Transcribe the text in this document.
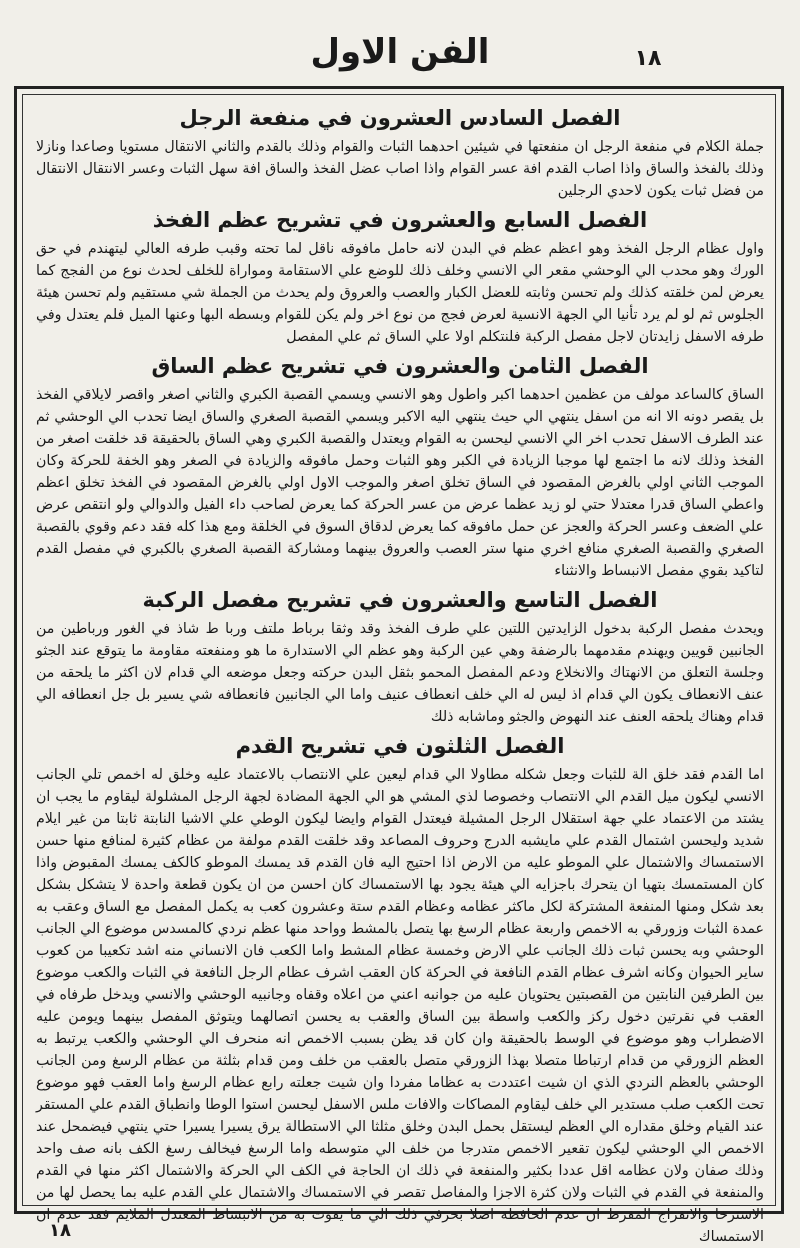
١٨
الفن الاول
الفصل السادس العشرون في منفعة الرجل
جملة الكلام في منفعة الرجل ان منفعتها في شيئين احدهما الثبات والقوام وذلك بالقدم والثاني الانتقال مستويا وصاعدا ونازلا وذلك بالفخذ والساق واذا اصاب القدم افة عسر القوام واذا اصاب عضل الفخذ والساق افة سهل الثبات وعسر الانتقال الانتقال من فضل ثبات يكون لاحدي الرجلين
الفصل السابع والعشرون في تشريح عظم الفخذ
واول عظام الرجل الفخذ وهو اعظم عظم في البدن لانه حامل مافوقه ناقل لما تحته وقبب طرفه العالي ليتهندم في حق الورك وهو محدب الي الوحشي مقعر الي الانسي وخلف ذلك للوضع علي الاستقامة ومواراة للخلف لحدث نوع من الفجج كما يعرض لمن خلقته كذلك ولم تحسن وثابته للعضل الكبار والعصب والعروق ولم يحدث من الجملة شي مستقيم ولم تحسن هيئة الجلوس ثم لو لم يرد تأنيا الي الجهة الانسية لعرض فجج من نوع اخر ولم يكن للقوام وبسطه البها وعنها الميل فلم يعتدل وفي طرفه الاسفل زايدتان لاجل مفصل الركبة فلنتكلم اولا علي الساق ثم علي المفصل
الفصل الثامن والعشرون في تشريح عظم الساق
الساق كالساعد مولف من عظمين احدهما اكبر واطول وهو الانسي ويسمي القصبة الكبري والثاني اصغر واقصر لايلاقي الفخذ بل يقصر دونه الا انه من اسفل ينتهي الي حيث ينتهي اليه الاكبر ويسمي القصبة الصغري والساق ايضا تحدب الي الوحشي ثم عند الطرف الاسفل تحدب اخر الي الانسي ليحسن به القوام ويعتدل والقصبة الكبري وهي الساق بالحقيقة قد خلقت اصغر من الفخذ وذلك لانه ما اجتمع لها موجبا الزيادة في الكبر وهو الثبات وحمل مافوقه والزيادة في الصغر وهو الخفة للحركة وكان الموجب الثاني اولي بالغرض المقصود في الساق تخلق اصغر والموجب الاول اولي بالغرض المقصود في الفخذ تخلق اعظم واعطي الساق قدرا معتدلا حتي لو زيد عظما عرض من عسر الحركة كما يعرض لصاحب داء الفيل والدوالي ولو انتقص عرض علي الضعف وعسر الحركة والعجز عن حمل مافوقه كما يعرض لدقاق السوق في الخلقة ومع هذا كله فقد دعم وقوي بالقصبة الصغري والقصبة الصغري منافع اخري منها ستر العصب والعروق بينهما ومشاركة القصبة الصغري بالكبري في مفصل القدم لتاكيد بقوي مفصل الانبساط والانثناء
الفصل التاسع والعشرون في تشريح مفصل الركبة
ويحدث مفصل الركبة بدخول الزايدتين اللتين علي طرف الفخذ وقد وثقا برباط ملتف وربا ط شاذ في الغور ورباطين من الجانبين قويين ويهندم مقدمهما بالرضفة وهي عين الركبة وهو عظم الي الاستدارة ما هو ومنفعته مقاومة ما يتوقع عند الجثو وجلسة التعلق من الانهتاك والانخلاع ودعم المفصل المحمو بثقل البدن حركته وجعل موضعه الي قدام لان اكثر ما يلحقه من عنف الانعطاف يكون الي قدام اذ ليس له الي خلف انعطاف عنيف واما الي الجانبين فانعطافه شي يسير بل جل انعطافه الي قدام وهناك يلحقه العنف عند النهوض والجثو وماشابه ذلك
الفصل الثلثون في تشريح القدم
اما القدم فقد خلق الة للثبات وجعل شكله مطاولا الي قدام ليعين علي الانتصاب بالاعتماد عليه وخلق له اخمص تلي الجانب الانسي ليكون ميل القدم الي الانتصاب وخصوصا لذي المشي هو الي الجهة المضادة لجهة الرجل المشلولة ليقاوم ما يجب ان يشتد من الاعتماد علي جهة استقلال الرجل المشيلة فيعتدل القوام وايضا ليكون الوطي علي الاشيا النابتة ثابتا من غير ايلام شديد وليحسن اشتمال القدم علي مايشبه الدرج وحروف المصاعد وقد خلقت القدم مولفة من عظام كثيرة لمنافع منها حسن الاستمساك والاشتمال علي الموطو عليه من الارض اذا احتيج اليه فان القدم قد يمسك الموطو كالكف يمسك المقبوض واذا كان المستمسك بتهيا ان يتحرك باجزايه الي هيئة يجود بها الاستمساك كان احسن من ان يكون قطعة واحدة لا يتشكل بشكل بعد شكل ومنها المنفعة المشتركة لكل ماكثر عظامه وعظام القدم ستة وعشرون كعب به يكمل المفصل مع الساق وعقب به عمدة الثبات وزورقي به الاخمص واربعة عظام الرسغ بها يتصل بالمشط وواحد منها عظم نردي كالمسدس موضوع الي الجانب الوحشي وبه يحسن ثبات ذلك الجانب علي الارض وخمسة عظام المشط واما الكعب فان الانساني منه اشد تكعيبا من كعوب ساير الحيوان وكانه اشرف عظام القدم النافعة في الحركة كان العقب اشرف عظام الرجل النافعة في الثبات والكعب موضوع بين الطرفين النابتين من القصبتين يحتويان عليه من جوانبه اعني من اعلاه وقفاه وجانبيه الوحشي والانسي ويدخل طرفاه في العقب في نقرتين دخول ركز والكعب واسطة بين الساق والعقب به يحسن اتصالهما ويتوثق المفصل بينهما ويومن عليه الاضطراب وهو موضوع في الوسط بالحقيقة وان كان قد يظن بسبب الاخمص انه منحرف الي الوحشي والكعب يرتبط به العظم الزورقي من قدام ارتباطا متصلا بهذا الزورقي متصل بالعقب من خلف ومن قدام بثلثة من عظام الرسغ ومن الجانب الوحشي بالعظم النردي الذي ان شيت اعتددت به عظاما مفردا وان شيت جعلته رابع عظام الرسغ واما العقب فهو موضوع تحت الكعب صلب مستدير الي خلف ليقاوم المصاكات والافات ملس الاسفل ليحسن استوا الوطا وانطباق القدم علي المستقر عند القيام وخلق مقداره الي العظم ليستقل بحمل البدن وخلق مثلثا الي الاستطالة يرق يسيرا يسيرا حتي ينتهي فيضمحل عند الاخمص الي الوحشي ليكون تقعير الاخمص متدرجا من خلف الي متوسطه واما الرسغ فيخالف رسغ الكف بانه صف واحد وذلك صفان ولان عظامه اقل عددا بكثير والمنفعة في ذلك ان الحاجة في الكف الي الحركة والاشتمال اكثر منها في القدم والمنفعة في القدم في الثبات ولان كثرة الاجزا والمفاصل تقصر في الاستمساك والاشتمال علي القدم عليه بما يحصل لها من الاسترخا والانفراج المفرط ان عدم الحافظة اصلا بحرفي ذلك الي ما يفوت به من الانبساط المعتدل الملايم فقد عدم ان الاستمساك
١٨
